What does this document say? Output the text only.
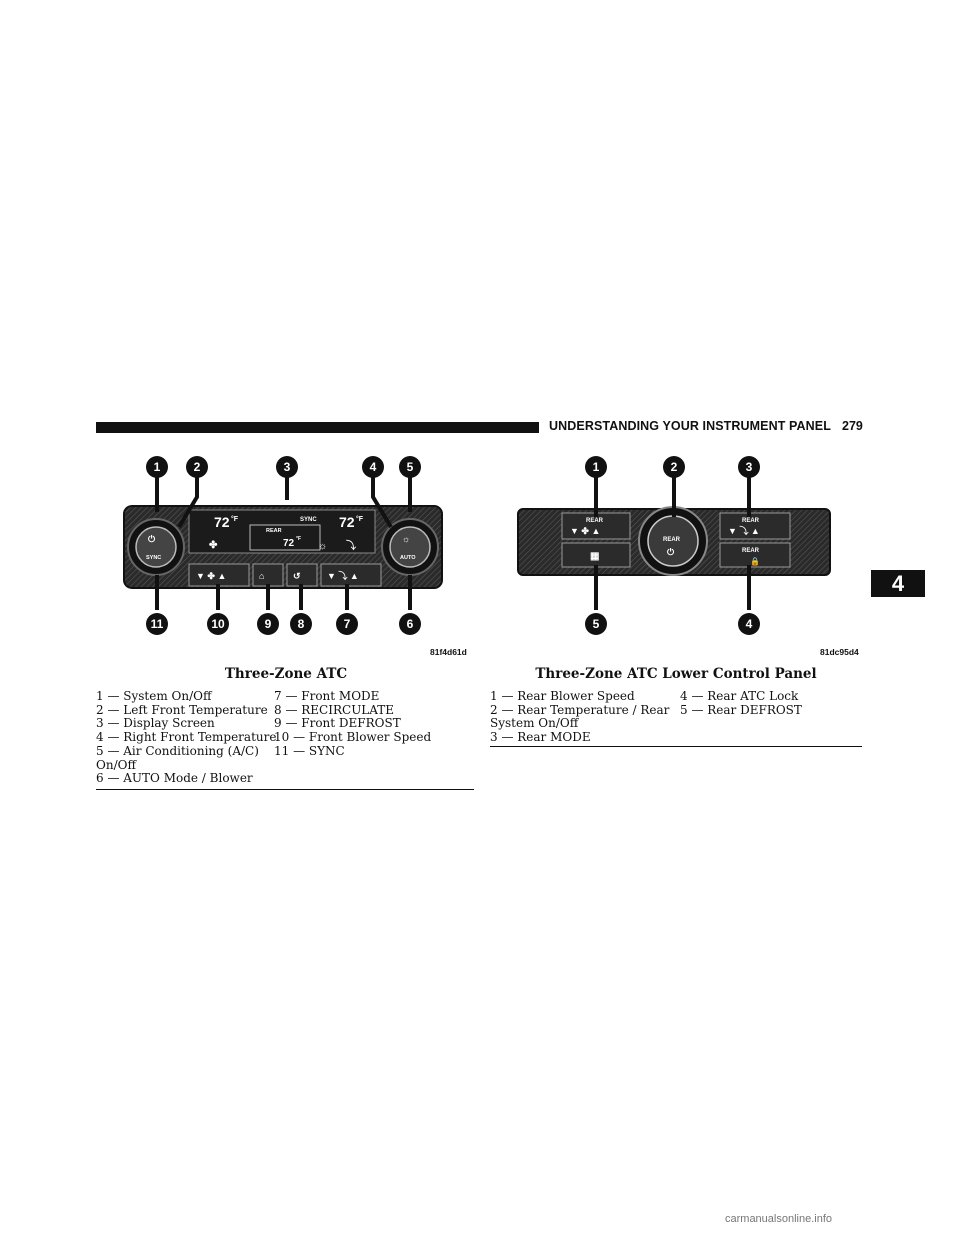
UNDERSTANDING YOUR INSTRUMENT PANEL 279
4
72 °F	72 °F
SYNC
REAR
72 °F
✤	☼ ⤵
⏻
SYNC
☼
AUTO
▼ ✤ ▲	⌂	↺	▼ ⤵ ▲
1	2	3	4	5
11	10	9 8	7	6
81f4d61d
Three-Zone ATC
1 — System On/Off
2 — Left Front Temperature
3 — Display Screen
4 — Right Front Temperature
5 — Air Conditioning (A/C) On/Off
6 — AUTO Mode / Blower
7 — Front MODE
8 — RECIRCULATE
9 — Front DEFROST
10 — Front Blower Speed
11 — SYNC
REAR
▼ ✤ ▲
▦
REAR
⏻
REAR
▼ ⤵ ▲
REAR
🔒
1	2	3
5	4
81dc95d4
Three-Zone ATC Lower Control Panel
1 — Rear Blower Speed
2 — Rear Temperature / Rear System On/Off
3 — Rear MODE
4 — Rear ATC Lock
5 — Rear DEFROST
carmanualsonline.info
